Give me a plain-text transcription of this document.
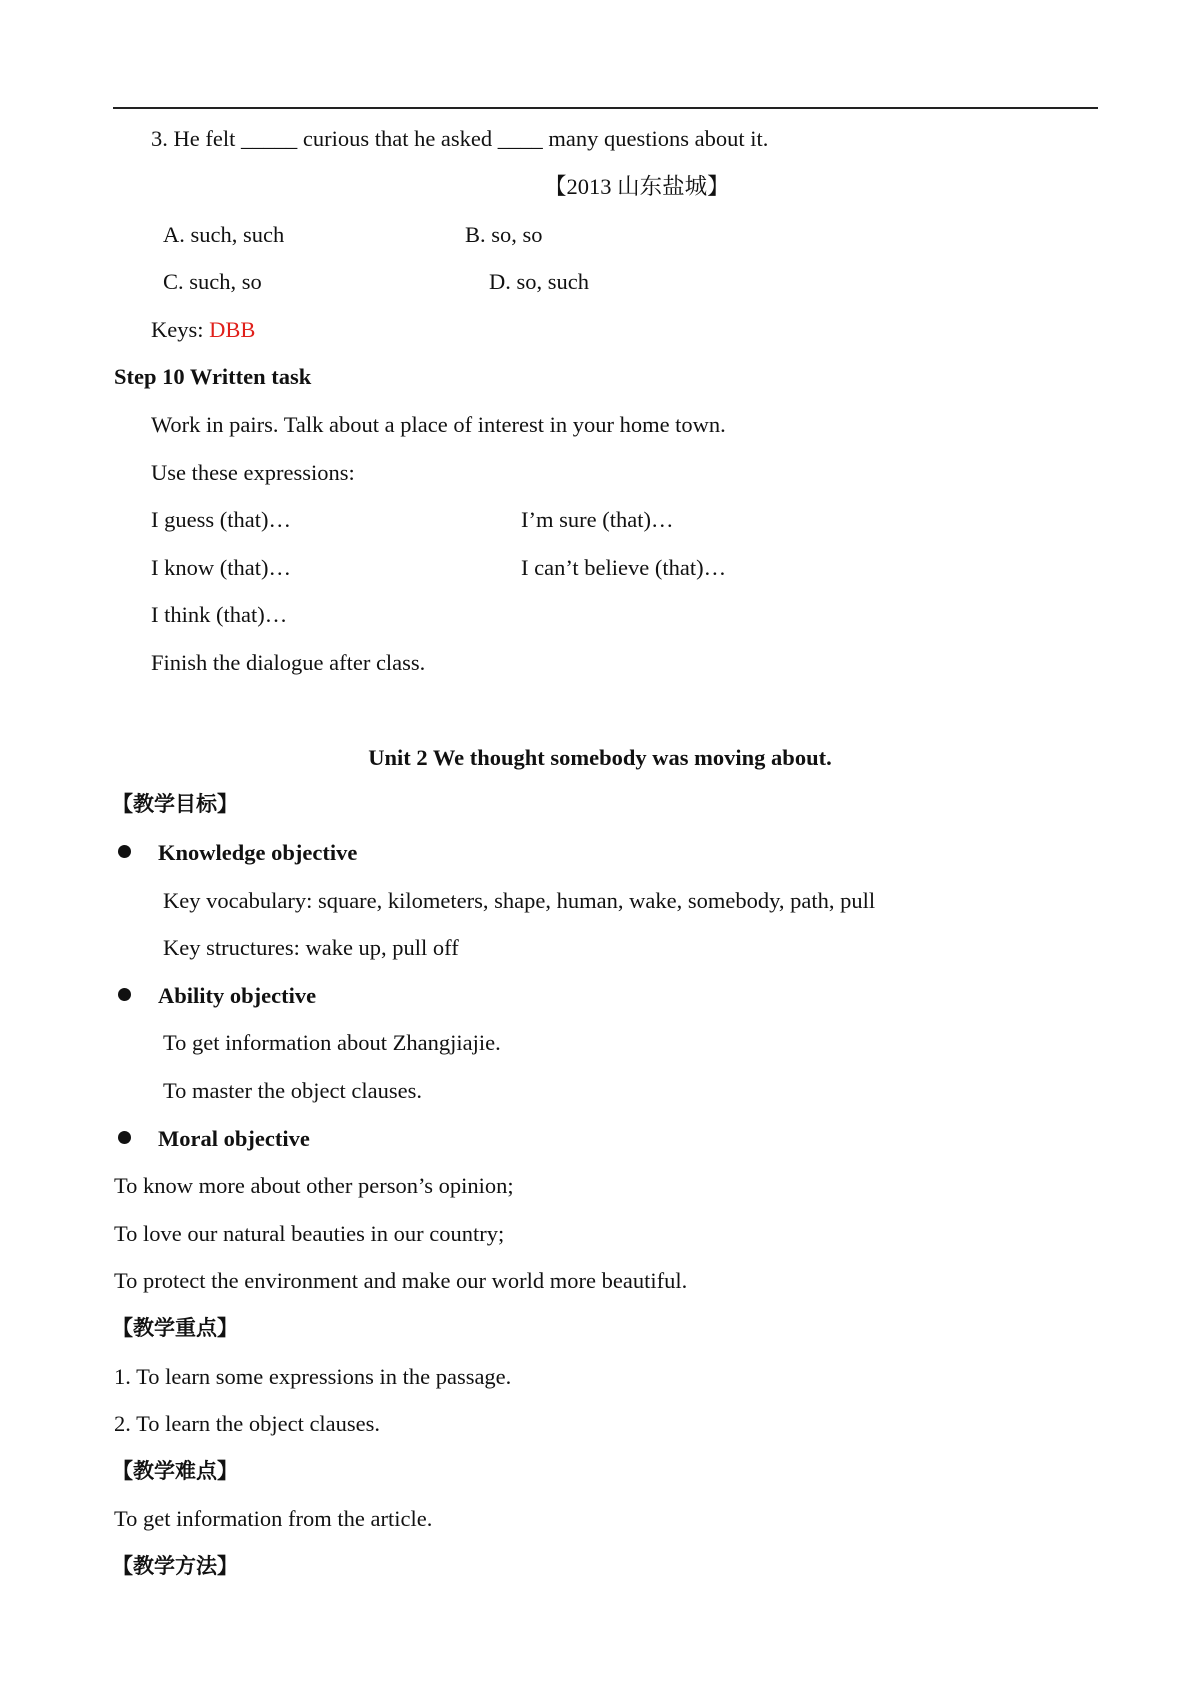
3. He felt _____ curious that he asked ____ many questions about it.
【2013 山东盐城】
A. such, such	B. so, so
C. such, so	D. so, such
Keys: DBB
Step 10 Written task
Work in pairs. Talk about a place of interest in your home town.
Use these expressions:
I guess (that)…	I’m sure (that)…
I know (that)…	I can’t believe (that)…
I think (that)…
Finish the dialogue after class.
Unit 2 We thought somebody was moving about.
【教学目标】
Knowledge objective
Key vocabulary: square, kilometers, shape, human, wake, somebody, path, pull
Key structures: wake up, pull off
Ability objective
To get information about Zhangjiajie.
To master the object clauses.
Moral objective
To know more about other person’s opinion;
To love our natural beauties in our country;
To protect the environment and make our world more beautiful.
【教学重点】
1. To learn some expressions in the passage.
2. To learn the object clauses.
【教学难点】
To get information from the article.
【教学方法】
